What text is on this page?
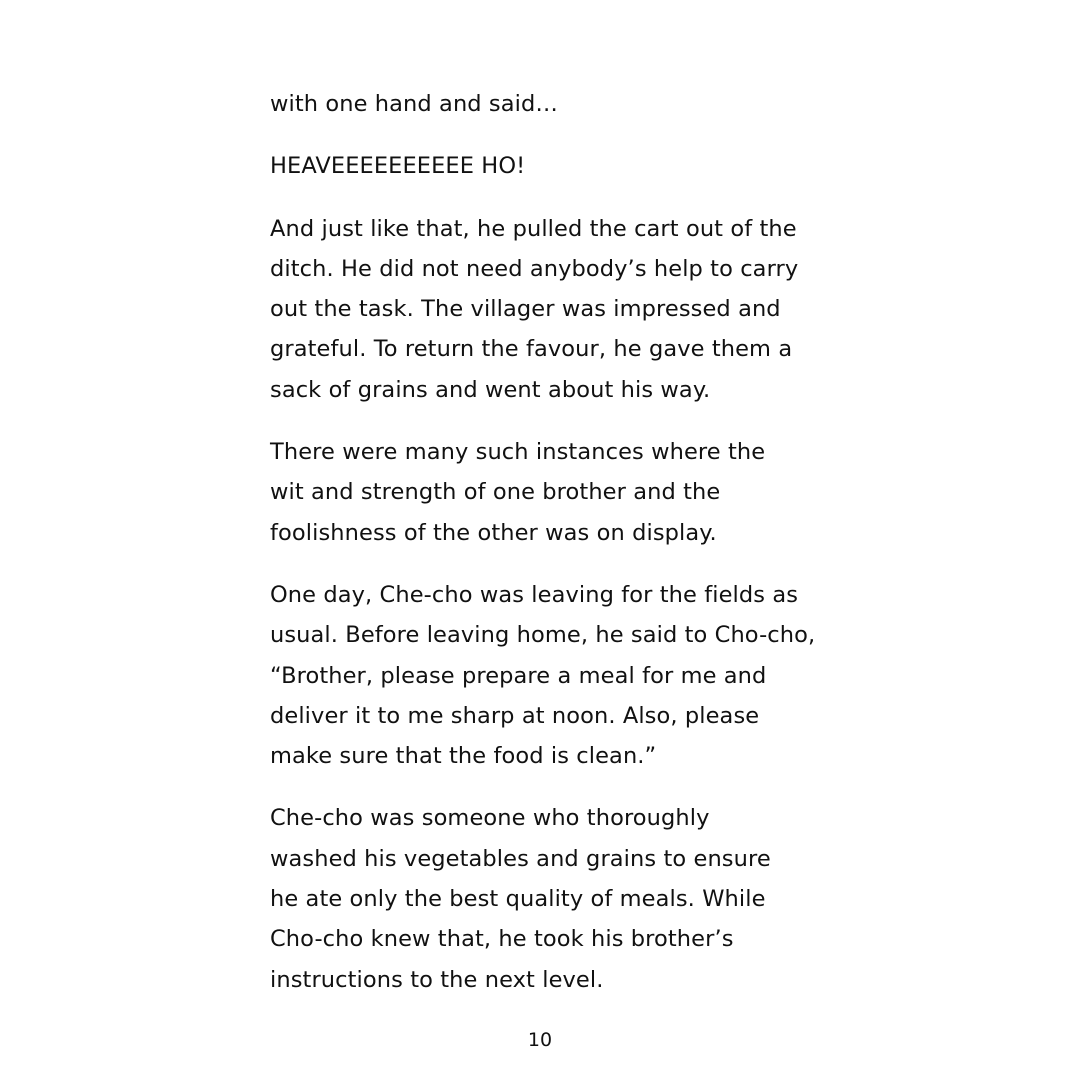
with one hand and said…

HEAVEEEEEEEEEE HO!

And just like that, he pulled the cart out of the
ditch. He did not need anybody’s help to carry
out the task. The villager was impressed and
grateful. To return the favour, he gave them a
sack of grains and went about his way.

There were many such instances where the
wit and strength of one brother and the
foolishness of the other was on display.

One day, Che-cho was leaving for the fields as
usual. Before leaving home, he said to Cho-cho,
“Brother, please prepare a meal for me and
deliver it to me sharp at noon. Also, please
make sure that the food is clean.”

Che-cho was someone who thoroughly
washed his vegetables and grains to ensure
he ate only the best quality of meals. While
Cho-cho knew that, he took his brother’s
instructions to the next level.

10
